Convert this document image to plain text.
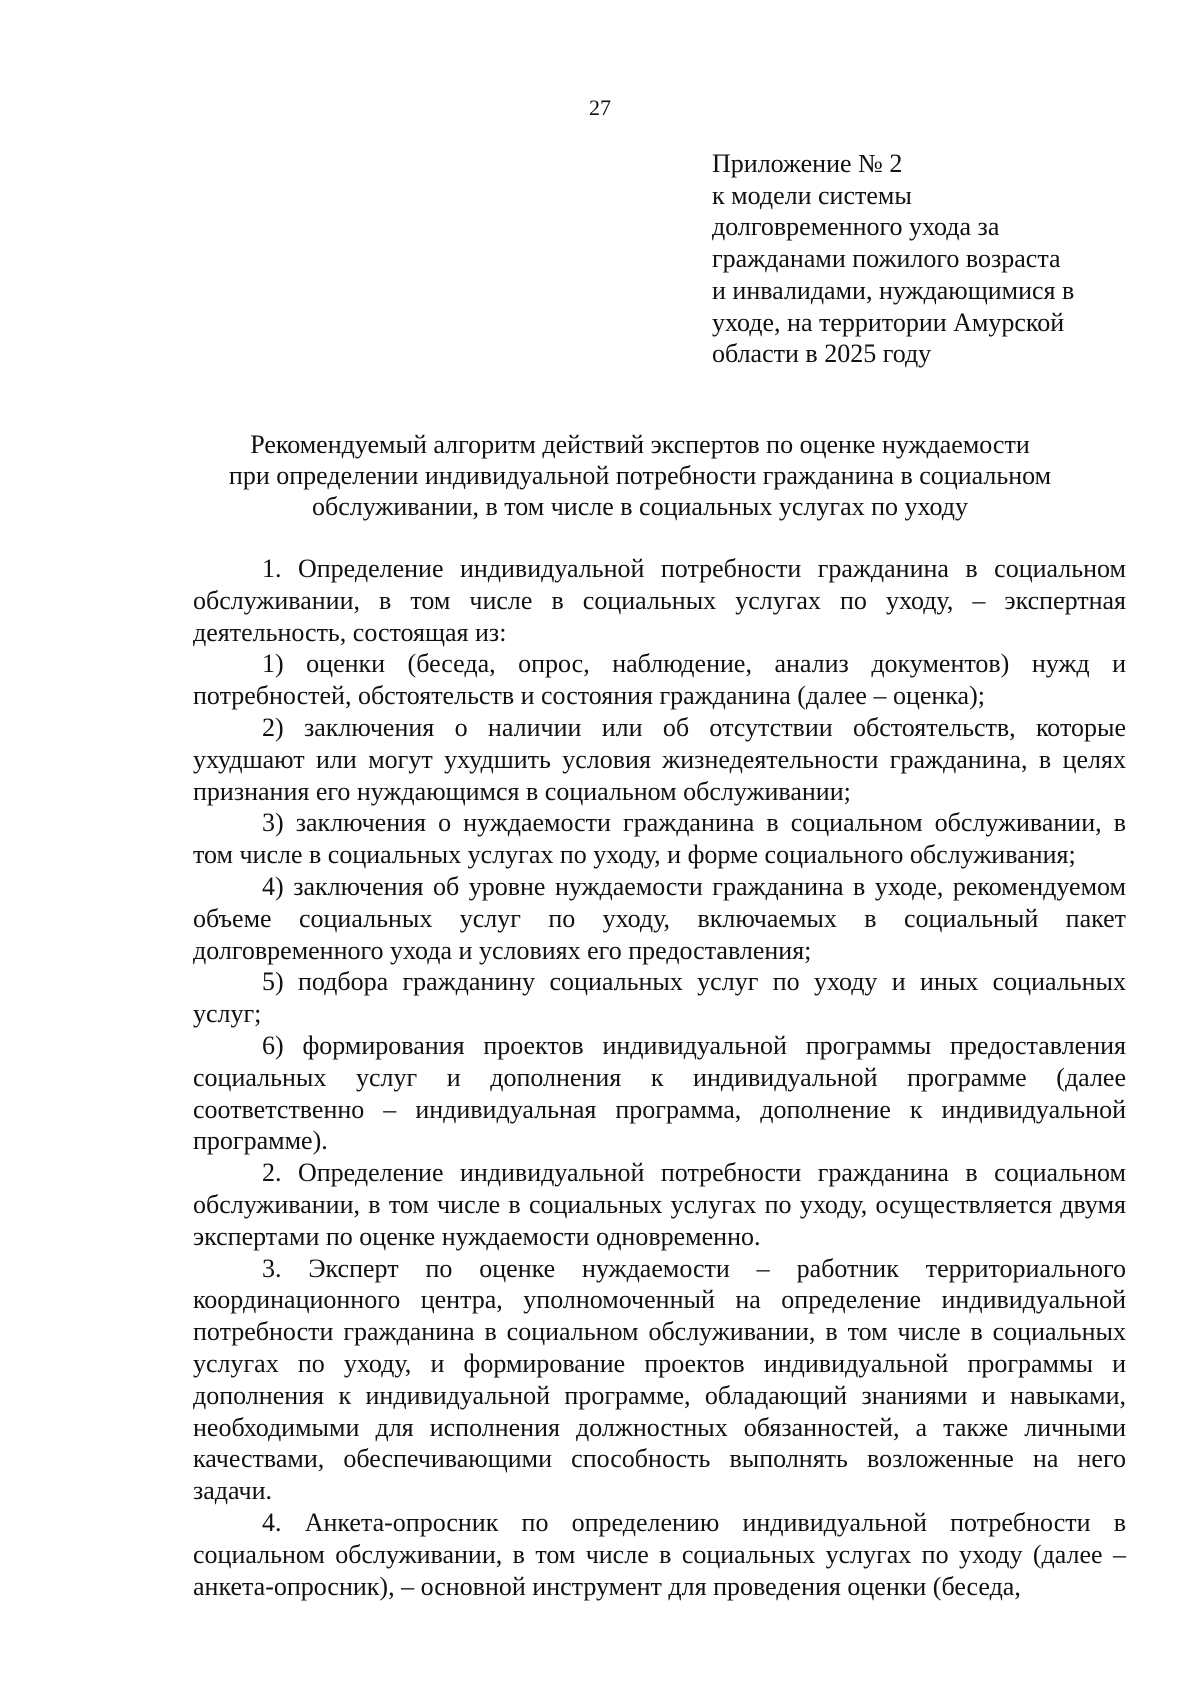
27
Приложение № 2
к модели системы
долговременного ухода за
гражданами пожилого возраста
и инвалидами, нуждающимися в
уходе, на территории Амурской
области в 2025 году
Рекомендуемый алгоритм действий экспертов по оценке нуждаемости
при определении индивидуальной потребности гражданина в социальном
обслуживании, в том числе в социальных услугах по уходу

1. Определение индивидуальной потребности гражданина в социальном обслуживании, в том числе в социальных услугах по уходу, – экспертная деятельность, состоящая из:

1) оценки (беседа, опрос, наблюдение, анализ документов) нужд и потребностей, обстоятельств и состояния гражданина (далее – оценка);

2) заключения о наличии или об отсутствии обстоятельств, которые ухудшают или могут ухудшить условия жизнедеятельности гражданина, в целях признания его нуждающимся в социальном обслуживании;

3) заключения о нуждаемости гражданина в социальном обслуживании, в том числе в социальных услугах по уходу, и форме социального обслуживания;

4) заключения об уровне нуждаемости гражданина в уходе, рекомендуемом объеме социальных услуг по уходу, включаемых в социальный пакет долговременного ухода и условиях его предоставления;

5) подбора гражданину социальных услуг по уходу и иных социальных услуг;

6) формирования проектов индивидуальной программы предоставления социальных услуг и дополнения к индивидуальной программе (далее соответственно – индивидуальная программа, дополнение к индивидуальной программе).

2. Определение индивидуальной потребности гражданина в социальном обслуживании, в том числе в социальных услугах по уходу, осуществляется двумя экспертами по оценке нуждаемости одновременно.

3. Эксперт по оценке нуждаемости – работник территориального координационного центра, уполномоченный на определение индивидуальной потребности гражданина в социальном обслуживании, в том числе в социальных услугах по уходу, и формирование проектов индивидуальной программы и дополнения к индивидуальной программе, обладающий знаниями и навыками, необходимыми для исполнения должностных обязанностей, а также личными качествами, обеспечивающими способность выполнять возложенные на него задачи.

4. Анкета-опросник по определению индивидуальной потребности в социальном обслуживании, в том числе в социальных услугах по уходу (далее – анкета-опросник), – основной инструмент для проведения оценки (беседа,
